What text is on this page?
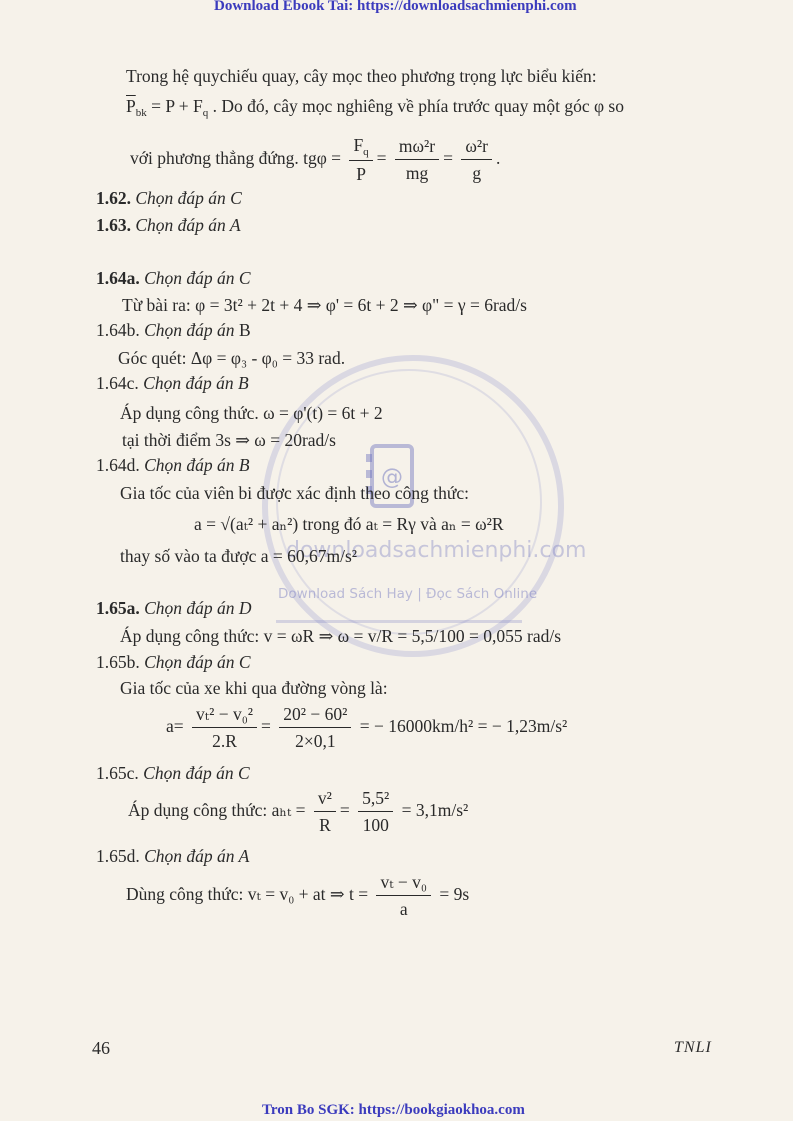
Download Ebook Tai: https://downloadsachmienphi.com
@
downloadsachmienphi.com
Download Sách Hay | Đọc Sách Online
Trong hệ quychiếu quay, cây mọc theo phương trọng lực biểu kiến:
$\overline{P}_{bk} = P + F_q$ . Do đó, cây mọc nghiêng về phía trước quay một góc φ so
với phương thẳng đứng. $tg\varphi = \frac{F_q}{P} = \frac{\text{mω²r}}{mg} = \frac{\text{ω²r}}{g}$ .
1.62. Chọn đáp án C
1.63. Chọn đáp án A
1.64a. Chọn đáp án C
Từ bài ra: φ = 3t² + 2t + 4 ⇒ φ' = 6t + 2 ⇒ φ" = γ = 6rad/s
1.64b. Chọn đáp án B
Góc quét: Δφ = φ₃ - φ₀ = 33 rad.
1.64c. Chọn đáp án B
Áp dụng công thức. ω = φ'(t) = 6t + 2
tại thời điểm 3s ⇒ ω = 20rad/s
1.64d. Chọn đáp án B
Gia tốc của viên bi được xác định theo công thức:
a = √(aₜ² + aₙ²) trong đó aₜ = Rγ và aₙ = ω²R
thay số vào ta được a = 60,67m/s²
1.65a. Chọn đáp án D
Áp dụng công thức: v = ωR ⇒ ω = v/R = 5,5/100 = 0,055 rad/s
1.65b. Chọn đáp án C
Gia tốc của xe khi qua đường vòng là:
$a= \frac{\text{vₜ² − v₀²}}{2.R} = \frac{\text{20² − 60²}}{2\times 0,1}$ = − 16000km/h² = − 1,23m/s²
1.65c. Chọn đáp án C
Áp dụng công thức: $a_{ht} = \frac{\text{v²}}{R} = \frac{\text{5,5²}}{100} = 3,1m/s^2$
1.65d. Chọn đáp án A
Dùng công thức: vₜ = v₀ + at ⇒ $t = \frac{\text{vₜ − v₀}}{a} = 9s$
46	TNLI
Tron Bo SGK: https://bookgiaokhoa.com
